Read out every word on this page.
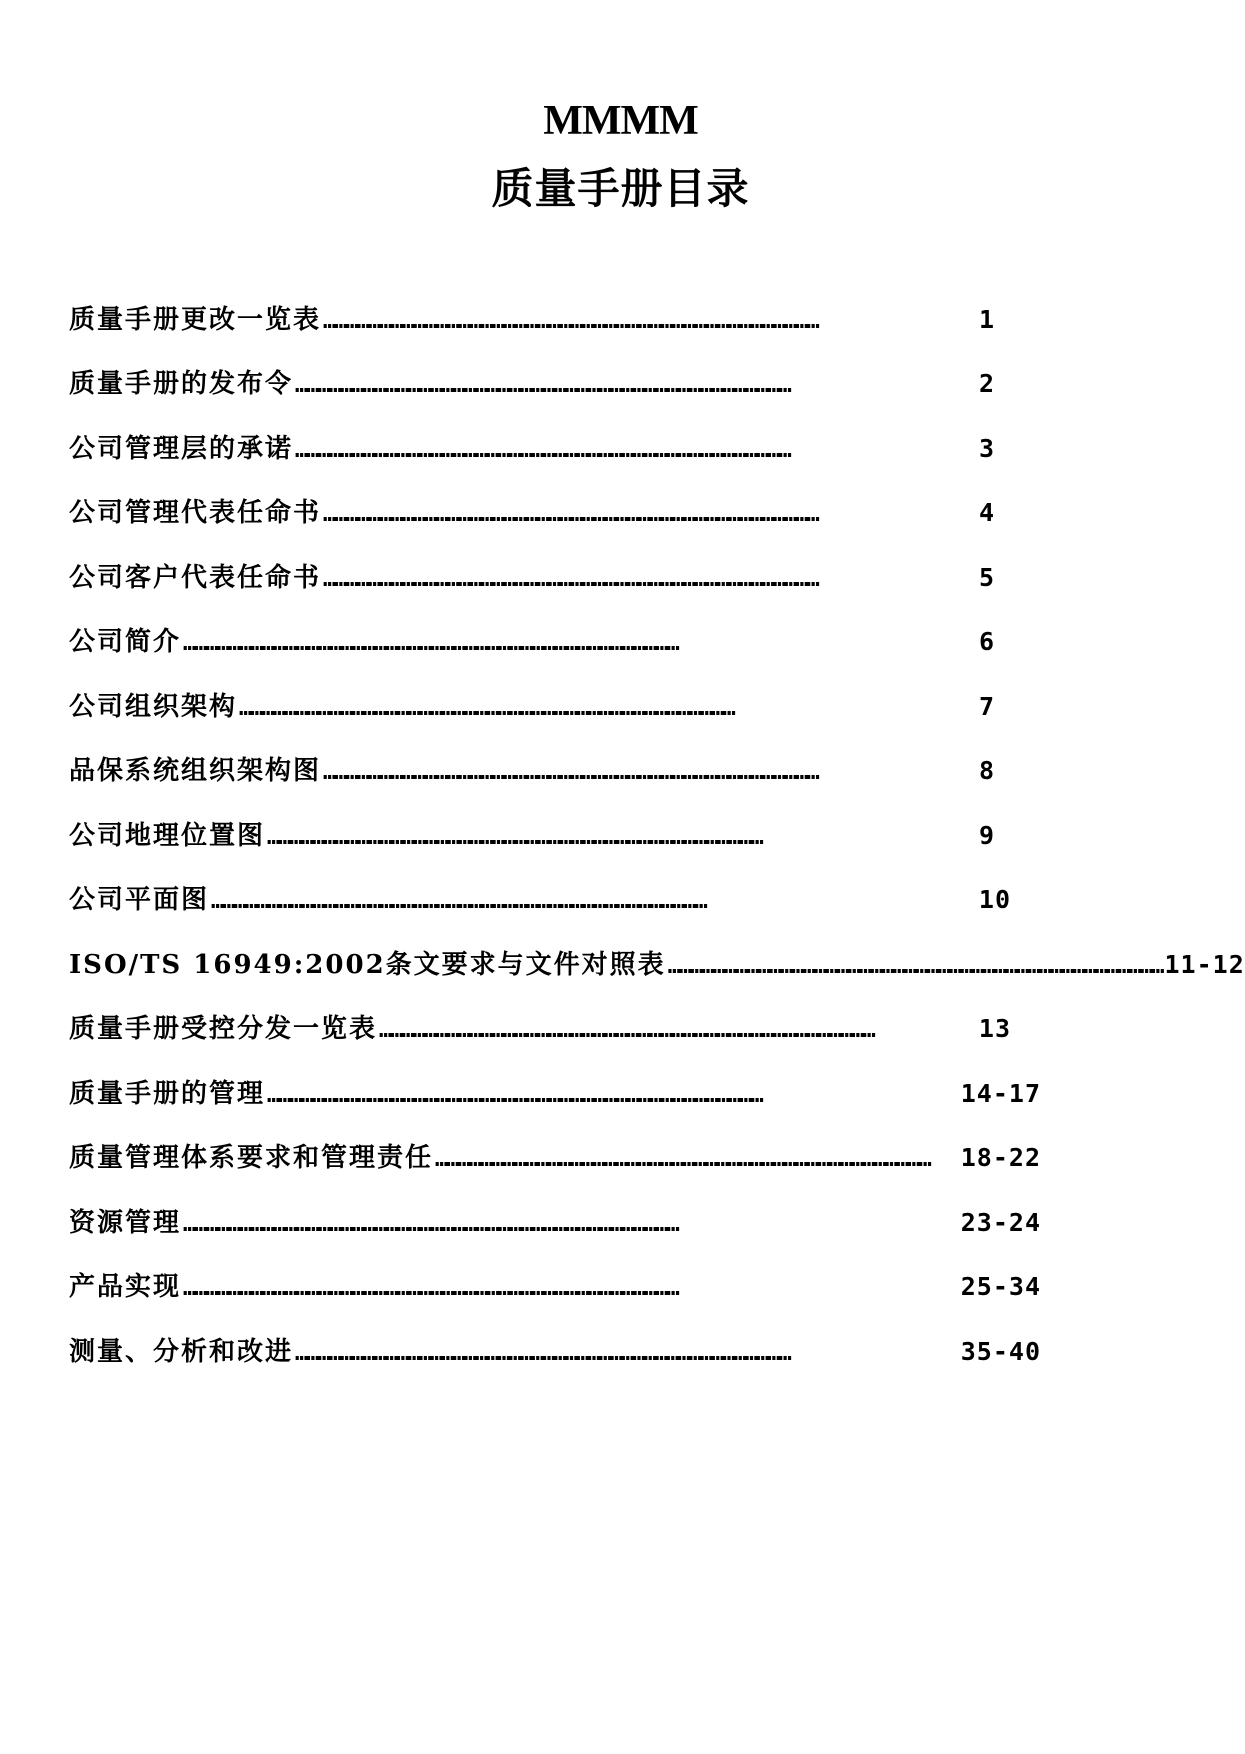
MMMM
质量手册目录
质量手册更改一览表 ……………………………………………………………………………………………………………………	1
质量手册的发布令 ……………………………………………………………………………………………………………………	2
公司管理层的承诺 ……………………………………………………………………………………………………………………	3
公司管理代表任命书 ……………………………………………………………………………………………………………………	4
公司客户代表任命书 ……………………………………………………………………………………………………………………	5
公司简介 ……………………………………………………………………………………………………………………	6
公司组织架构 ……………………………………………………………………………………………………………………	7
品保系统组织架构图 ……………………………………………………………………………………………………………………	8
公司地理位置图 ……………………………………………………………………………………………………………………	9
公司平面图 ……………………………………………………………………………………………………………………	10
ISO/TS 16949:2002条文要求与文件对照表 …………………………………………………………………………………………………………………… 11-12
质量手册受控分发一览表 ……………………………………………………………………………………………………………………	13
质量手册的管理 ……………………………………………………………………………………………………………………	14-17
质量管理体系要求和管理责任 ……………………………………………………………………………………………………………………	18-22
资源管理 ……………………………………………………………………………………………………………………	23-24
产品实现 ……………………………………………………………………………………………………………………	25-34
测量、分析和改进 ……………………………………………………………………………………………………………………	35-40
